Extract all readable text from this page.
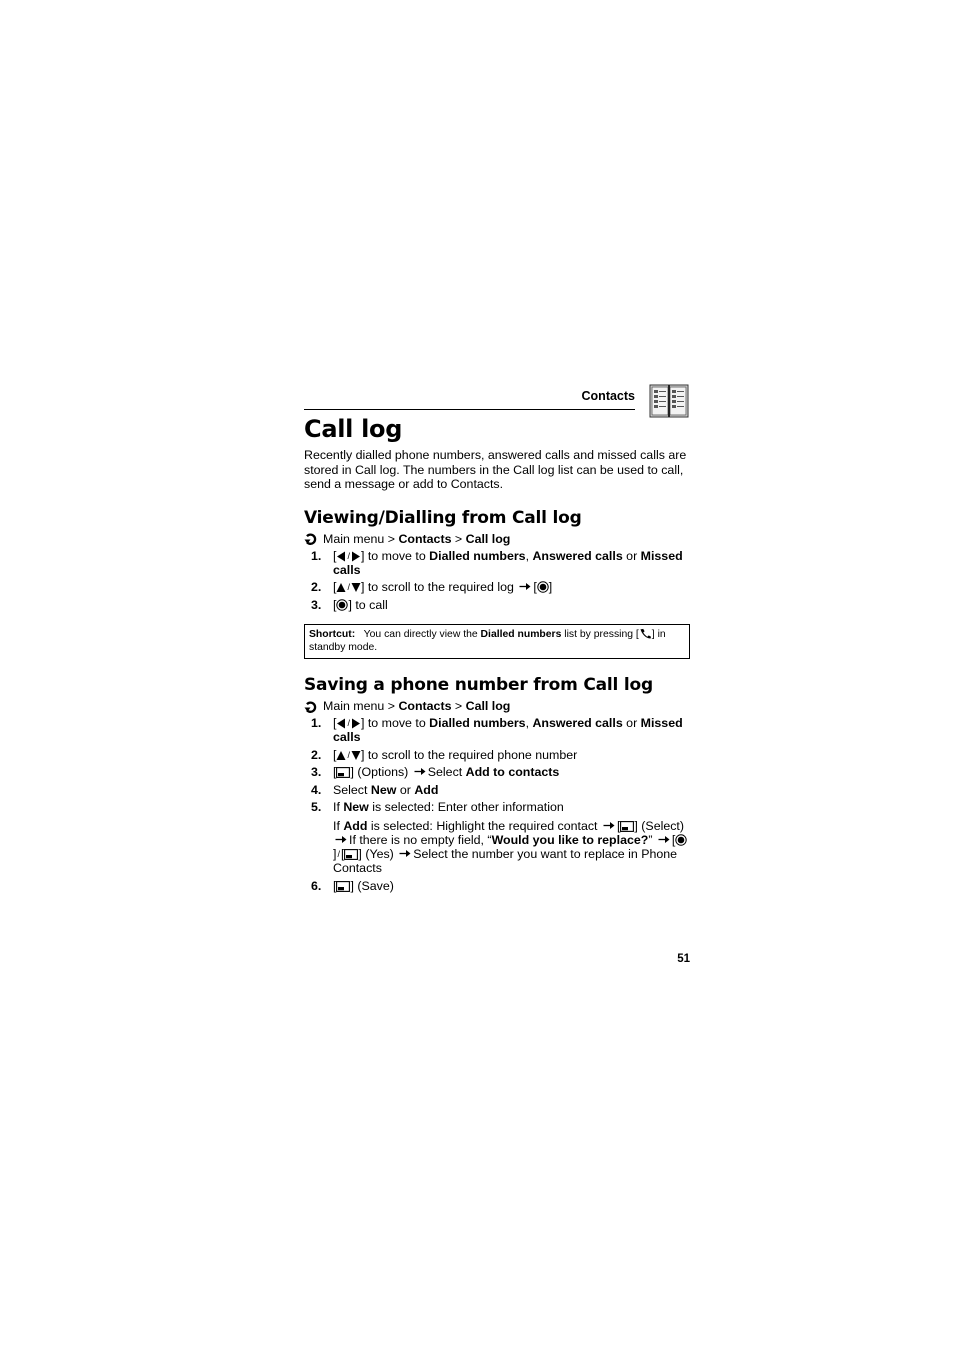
Contacts
Call log

Recently dialled phone numbers, answered calls and missed calls are stored in Call log. The numbers in the Call log list can be used to call, send a message or add to Contacts.

Viewing/Dialling from Call log
Main menu
>
Contacts
>
Call log
1. [ / ] to move to Dialled numbers, Answered calls or Missed calls
2. [ / ] to scroll to the required log [ ]
3. [ ] to call
Shortcut: You can directly view the Dialled numbers list by pressing [ ] in standby mode.
Saving a phone number from Call log
Main menu
>
Contacts
>
Call log
1. [ / ] to move to Dialled numbers, Answered calls or Missed calls
2. [ / ] to scroll to the required phone number
3. [ ] (Options) Select Add to contacts
4. Select New or Add
5. If New is selected: Enter other information
If Add is selected: Highlight the required contact [ ] (Select) If there is no empty field, “Would you like to replace?” []/[ ] (Yes) Select the number you want to replace in Phone Contacts
6. [ ] (Save)
51
